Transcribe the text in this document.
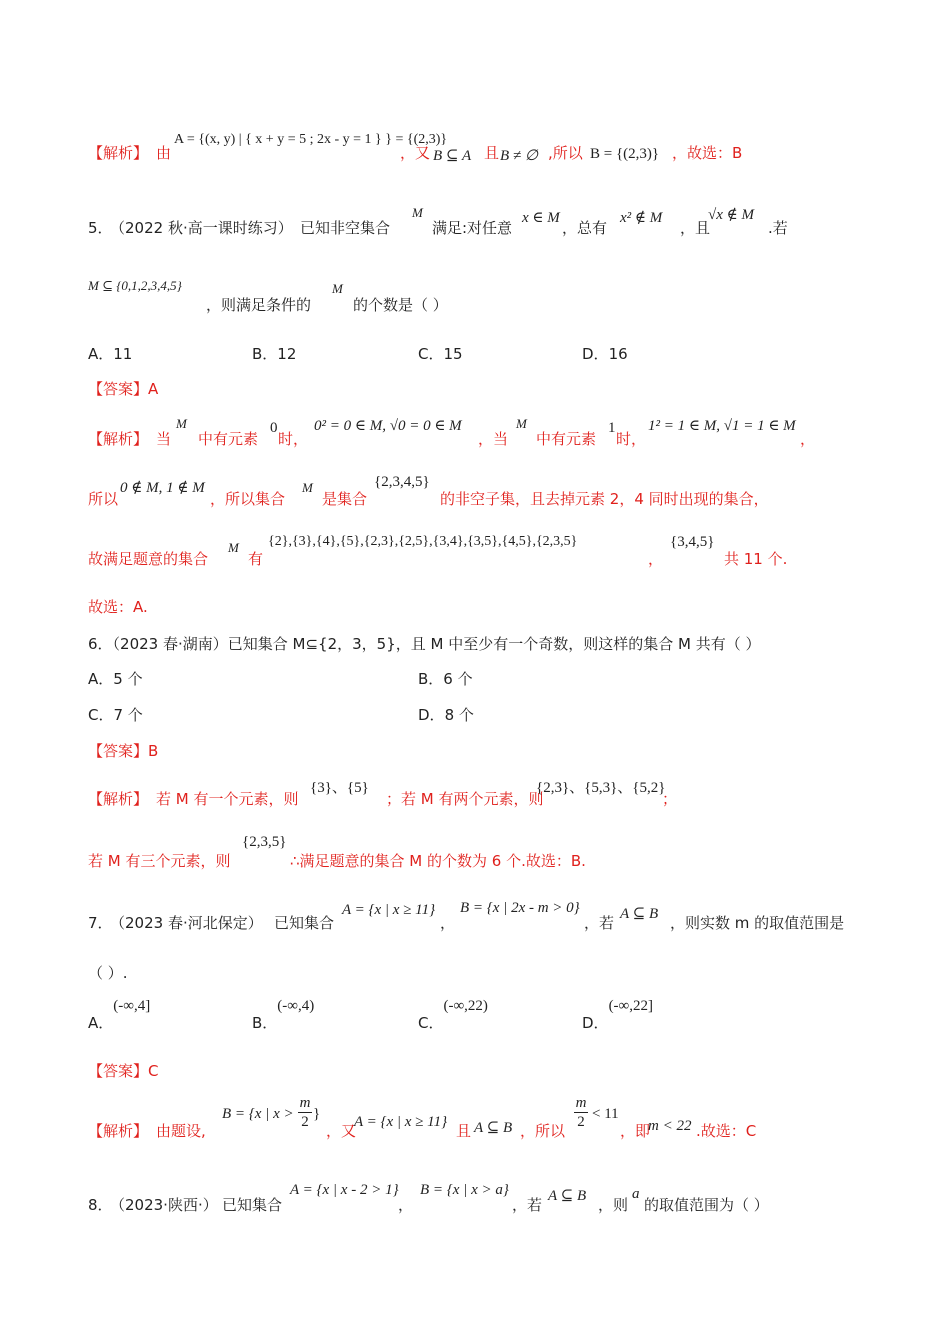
【解析】 由
A = {(x, y) | { x + y = 5 ; 2x - y = 1 } } = {(2,3)}
，又 B ⊆ A 且 B ≠ ∅ ,所以 B = {(2,3)} ，故选：B
5．
（2022 秋·高一课时练习） 已知非空集合
M
满足:对任意
x ∈ M
，总有
x² ∉ M
，且
√x ∉ M
.若
M ⊆ {0,1,2,3,4,5}
，则满足条件的
M
的个数是（ ）
A．11	B．12	C．15	D．16
【答案】A
【解析】 当
M
中有元素
0
时，
0² = 0 ∈ M, √0 = 0 ∈ M
，当
M
中有元素
1
时，
1² = 1 ∈ M, √1 = 1 ∈ M
，
所以
0 ∉ M, 1 ∉ M
，所以集合
M
是集合
{2,3,4,5}
的非空子集，且去掉元素 2，4 同时出现的集合，
故满足题意的集合
M
有
{2},{3},{4},{5},{2,3},{2,5},{3,4},{3,5},{4,5},{2,3,5}
，
{3,4,5}
共 11 个.
故选：A.
6．（2023 春·湖南）已知集合 M⊆{2，3，5}，且 M 中至少有一个奇数，则这样的集合 M 共有（ ）
A．5 个	B．6 个
C．7 个	D．8 个
【答案】B
【解析】 若 M 有一个元素，则
{3}、{5}
；若 M 有两个元素，则
{2,3}、{5,3}、{5,2}
；
若 M 有三个元素，则
{2,3,5}
∴满足题意的集合 M 的个数为 6 个.故选：B.
7．
（2023 春·河北保定） 已知集合
A = {x | x ≥ 11}
，
B = {x | 2x - m > 0}
，若 A ⊆ B ，则实数 m 的取值范围是
（ ）.
A．(-∞,4]
B．(-∞,4)
C．(-∞,22)
D．(-∞,22]
【答案】C
【解析】 由题设,
B = {x | x >
m
2 }
，又
A = {x | x ≥ 11} 且 A ⊆ B ，所以
m
2 < 11
，即
m < 22 .故选：C
8．
（2023·陕西·） 已知集合
A = {x | x - 2 > 1}
，
B = {x | x > a}
，若 A ⊆ B ，则
a
的取值范围为（ ）
